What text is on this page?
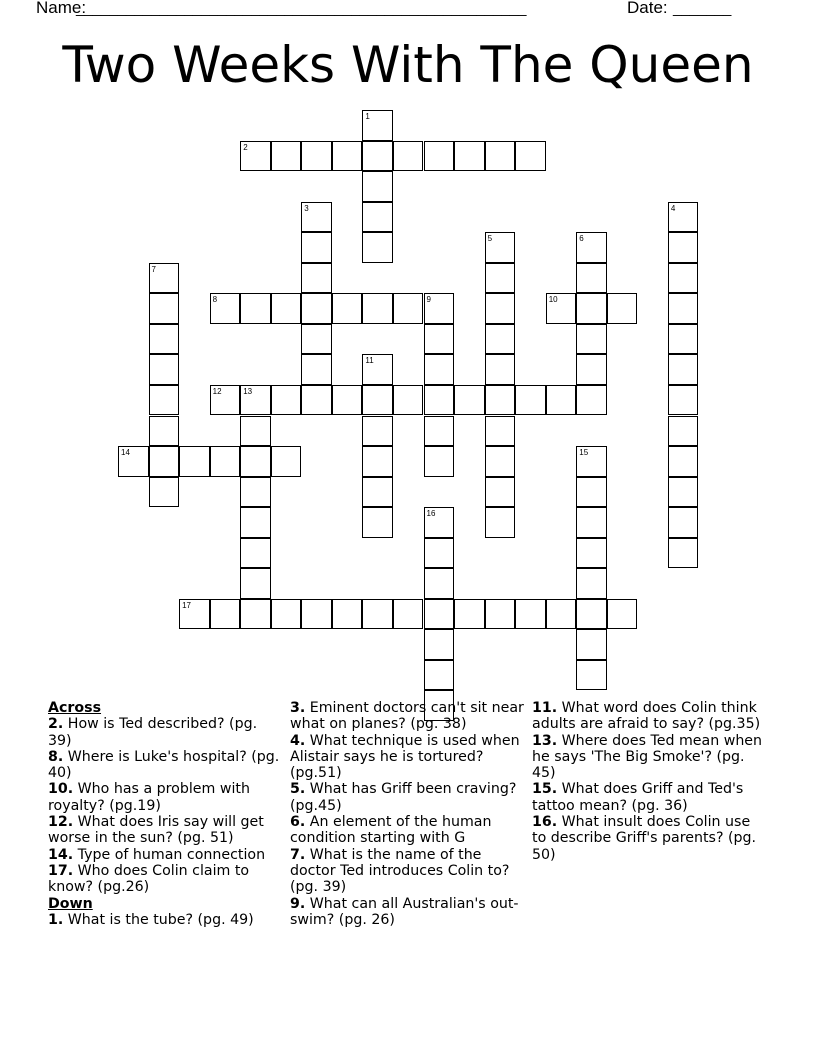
Name:
______________________________________________________	Date: _______
Two Weeks With The Queen
1
2
3	4
5	6
7
8	9	10
11
12	13
14	15
16
17
Across
2. How is Ted described? (pg. 39)
8. Where is Luke's hospital? (pg. 40)
10. Who has a problem with royalty? (pg.19)
12. What does Iris say will get worse in the sun? (pg. 51)
14. Type of human connection
17. Who does Colin claim to know? (pg.26)
Down
1. What is the tube? (pg. 49)
3. Eminent doctors can't sit near what on planes? (pg. 38)
4. What technique is used when Alistair says he is tortured? (pg.51)
5. What has Griff been craving? (pg.45)
6. An element of the human condition starting with G
7. What is the name of the doctor Ted introduces Colin to? (pg. 39)
9. What can all Australian's out-swim? (pg. 26)
11. What word does Colin think adults are afraid to say? (pg.35)
13. Where does Ted mean when he says 'The Big Smoke'? (pg. 45)
15. What does Griff and Ted's tattoo mean? (pg. 36)
16. What insult does Colin use to describe Griff's parents? (pg. 50)
